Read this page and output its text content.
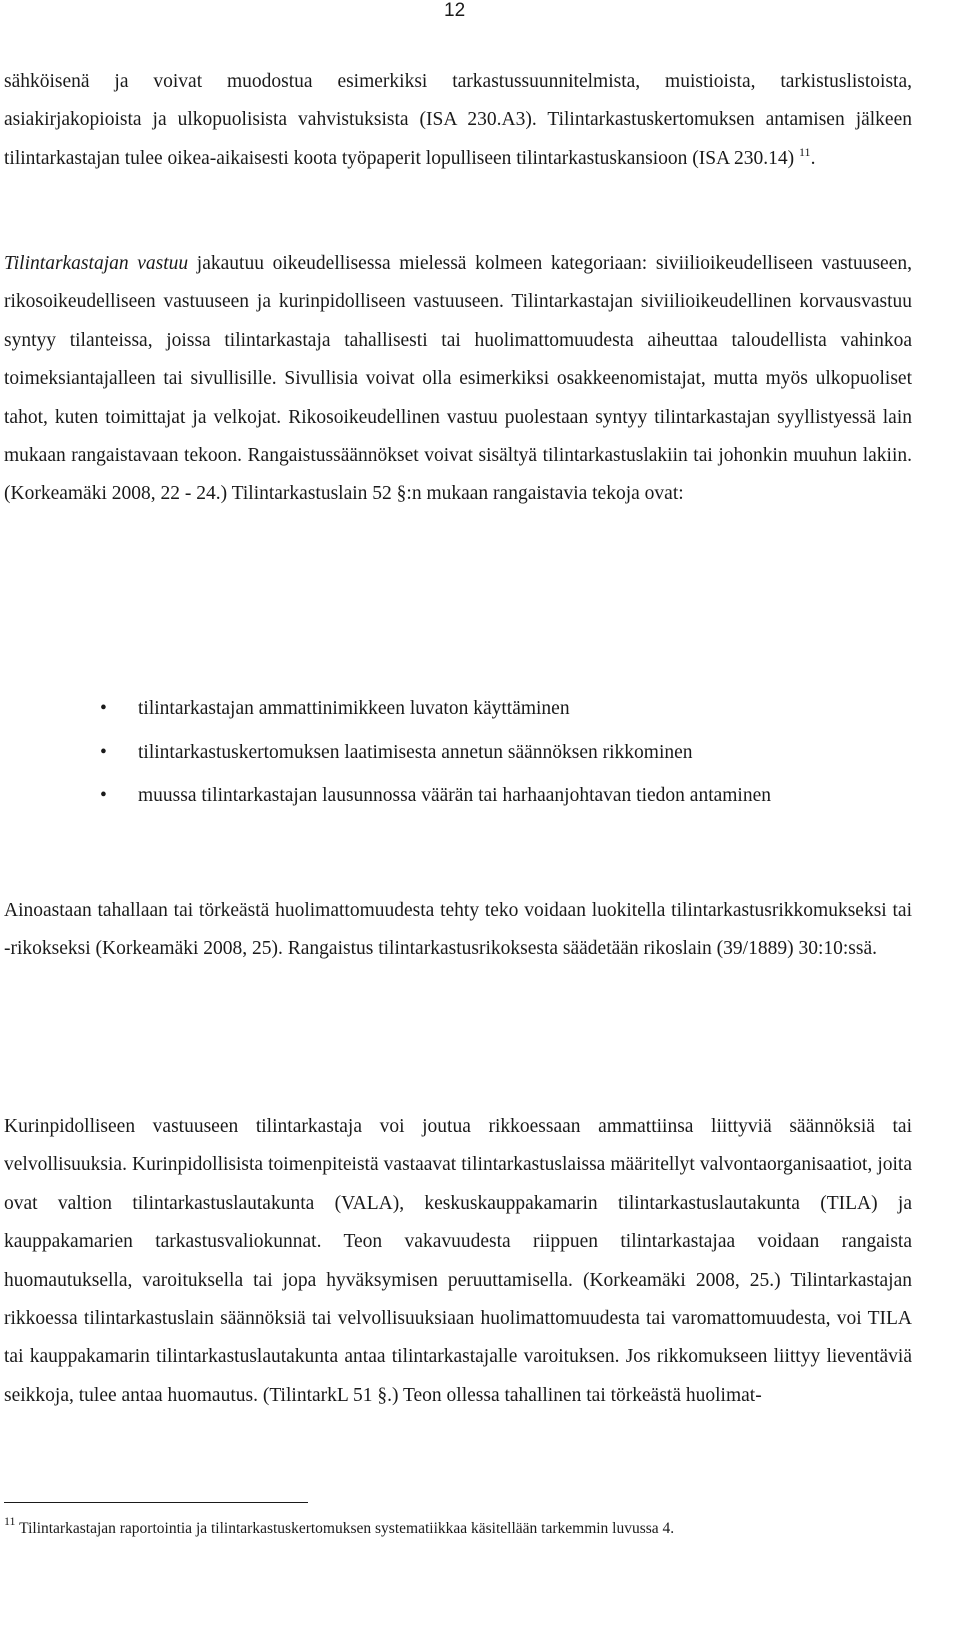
12

sähköisenä ja voivat muodostua esimerkiksi tarkastussuunnitelmista, muistioista, tarkistuslistoista, asiakirjakopioista ja ulkopuolisista vahvistuksista (ISA 230.A3). Tilintarkastuskertomuksen antamisen jälkeen tilintarkastajan tulee oikea-aikaisesti koota työpaperit lopulliseen tilintarkastuskansioon (ISA 230.14) $^{11}$.

Tilintarkastajan vastuu jakautuu oikeudellisessa mielessä kolmeen kategoriaan: siviilioikeudelliseen vastuuseen, rikosoikeudelliseen vastuuseen ja kurinpidolliseen vastuuseen. Tilintarkastajan siviilioikeudellinen korvausvastuu syntyy tilanteissa, joissa tilintarkastaja tahallisesti tai huolimattomuudesta aiheuttaa taloudellista vahinkoa toimeksiantajalleen tai sivullisille. Sivullisia voivat olla esimerkiksi osakkeenomistajat, mutta myös ulkopuoliset tahot, kuten toimittajat ja velkojat. Rikosoikeudellinen vastuu puolestaan syntyy tilintarkastajan syyllistyessä lain mukaan rangaistavaan tekoon. Rangaistussäännökset voivat sisältyä tilintarkastuslakiin tai johonkin muuhun lakiin. (Korkeamäki 2008, 22 - 24.) Tilintarkastuslain 52 §:n mukaan rangaistavia tekoja ovat:

• tilintarkastajan ammattinimikkeen luvaton käyttäminen
• tilintarkastuskertomuksen laatimisesta annetun säännöksen rikkominen
• muussa tilintarkastajan lausunnossa väärän tai harhaanjohtavan tiedon antaminen

Ainoastaan tahallaan tai törkeästä huolimattomuudesta tehty teko voidaan luokitella tilintarkastusrikkomukseksi tai -rikokseksi (Korkeamäki 2008, 25). Rangaistus tilintarkastusrikoksesta säädetään rikoslain (39/1889) 30:10:ssä.

Kurinpidolliseen vastuuseen tilintarkastaja voi joutua rikkoessaan ammattiinsa liittyviä säännöksiä tai velvollisuuksia. Kurinpidollisista toimenpiteistä vastaavat tilintarkastuslaissa määritellyt valvontaorganisaatiot, joita ovat valtion tilintarkastuslautakunta (VALA), keskuskauppakamarin tilintarkastuslautakunta (TILA) ja kauppakamarien tarkastusvaliokunnat. Teon vakavuudesta riippuen tilintarkastajaa voidaan rangaista huomautuksella, varoituksella tai jopa hyväksymisen peruuttamisella. (Korkeamäki 2008, 25.) Tilintarkastajan rikkoessa tilintarkastuslain säännöksiä tai velvollisuuksiaan huolimattomuudesta tai varomattomuudesta, voi TILA tai kauppakamarin tilintarkastuslautakunta antaa tilintarkastajalle varoituksen. Jos rikkomukseen liittyy lieventäviä seikkoja, tulee antaa huomautus. (TilintarkL 51 §.) Teon ollessa tahallinen tai törkeästä huolimat-

$^{11}$ Tilintarkastajan raportointia ja tilintarkastuskertomuksen systematiikkaa käsitellään tarkemmin luvussa 4.
